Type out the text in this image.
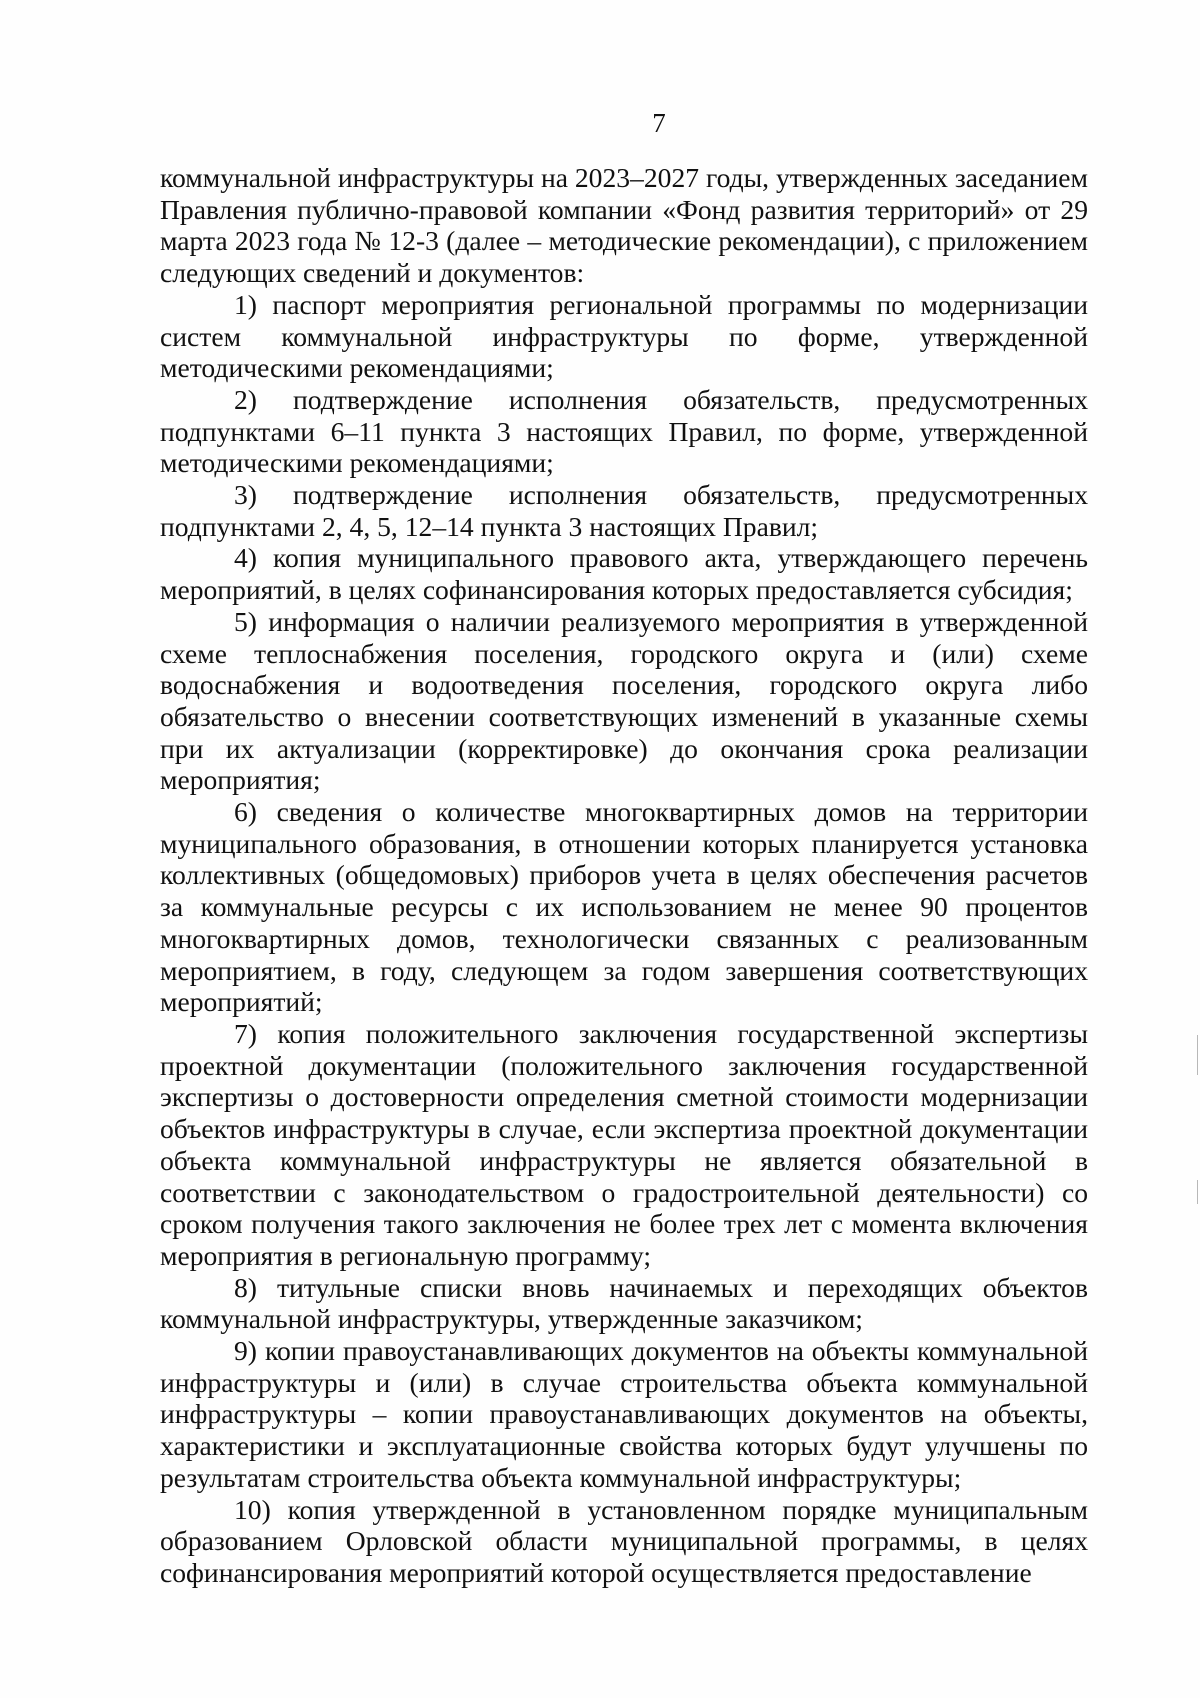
7

коммунальной инфраструктуры на 2023–2027 годы, утвержденных заседанием Правления публично-правовой компании «Фонд развития территорий» от 29 марта 2023 года № 12-3 (далее – методические рекомендации), с приложением следующих сведений и документов:

1) паспорт мероприятия региональной программы по модернизации систем коммунальной инфраструктуры по форме, утвержденной методическими рекомендациями;

2) подтверждение исполнения обязательств, предусмотренных подпунктами 6–11 пункта 3 настоящих Правил, по форме, утвержденной методическими рекомендациями;

3) подтверждение исполнения обязательств, предусмотренных подпунктами 2, 4, 5, 12–14 пункта 3 настоящих Правил;

4) копия муниципального правового акта, утверждающего перечень мероприятий, в целях софинансирования которых предоставляется субсидия;

5) информация о наличии реализуемого мероприятия в утвержденной схеме теплоснабжения поселения, городского округа и (или) схеме водоснабжения и водоотведения поселения, городского округа либо обязательство о внесении соответствующих изменений в указанные схемы при их актуализации (корректировке) до окончания срока реализации мероприятия;

6) сведения о количестве многоквартирных домов на территории муниципального образования, в отношении которых планируется установка коллективных (общедомовых) приборов учета в целях обеспечения расчетов за коммунальные ресурсы с их использованием не менее 90 процентов многоквартирных домов, технологически связанных с реализованным мероприятием, в году, следующем за годом завершения соответствующих мероприятий;

7) копия положительного заключения государственной экспертизы проектной документации (положительного заключения государственной экспертизы о достоверности определения сметной стоимости модернизации объектов инфраструктуры в случае, если экспертиза проектной документации объекта коммунальной инфраструктуры не является обязательной в соответствии с законодательством о градостроительной деятельности) со сроком получения такого заключения не более трех лет с момента включения мероприятия в региональную программу;

8) титульные списки вновь начинаемых и переходящих объектов коммунальной инфраструктуры, утвержденные заказчиком;

9) копии правоустанавливающих документов на объекты коммунальной инфраструктуры и (или) в случае строительства объекта коммунальной инфраструктуры – копии правоустанавливающих документов на объекты, характеристики и эксплуатационные свойства которых будут улучшены по результатам строительства объекта коммунальной инфраструктуры;

10) копия утвержденной в установленном порядке муниципальным образованием Орловской области муниципальной программы, в целях софинансирования мероприятий которой осуществляется предоставление
